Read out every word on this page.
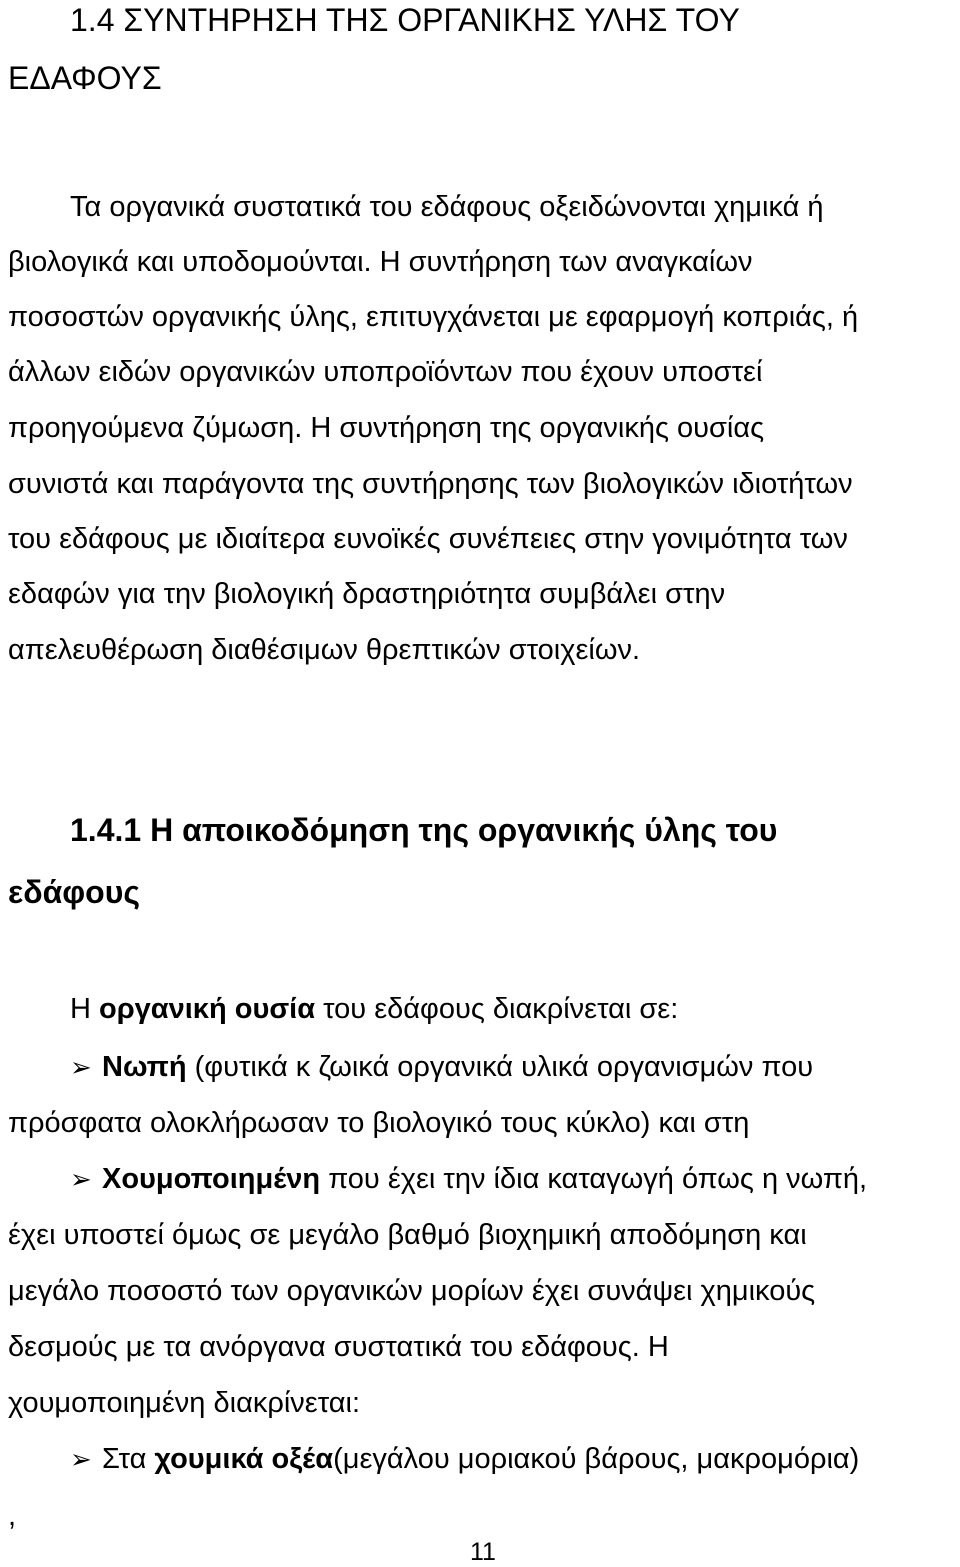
1.4 ΣΥΝΤΗΡΗΣΗ ΤΗΣ ΟΡΓΑΝΙΚΗΣ ΥΛΗΣ ΤΟΥ
ΕΔΑΦΟΥΣ
Τα οργανικά συστατικά του εδάφους οξειδώνονται χημικά ή
βιολογικά και υποδομούνται. Η συντήρηση των αναγκαίων
ποσοστών οργανικής ύλης, επιτυγχάνεται με εφαρμογή κοπριάς, ή
άλλων ειδών οργανικών υποπροϊόντων που έχουν υποστεί
προηγούμενα ζύμωση. Η συντήρηση της οργανικής ουσίας
συνιστά και παράγοντα της συντήρησης των βιολογικών ιδιοτήτων
του εδάφους με ιδιαίτερα ευνοϊκές συνέπειες στην γονιμότητα των
εδαφών για την βιολογική δραστηριότητα συμβάλει στην
απελευθέρωση διαθέσιμων θρεπτικών στοιχείων.
1.4.1 Η αποικοδόμηση της οργανικής ύλης του
εδάφους
Η οργανική ουσία του εδάφους διακρίνεται σε:
➢ Νωπή (φυτικά κ ζωικά οργανικά υλικά οργανισμών που
πρόσφατα ολοκλήρωσαν το βιολογικό τους κύκλο) και στη
➢ Χουμοποιημένη που έχει την ίδια καταγωγή όπως η νωπή,
έχει υποστεί όμως σε μεγάλο βαθμό βιοχημική αποδόμηση και
μεγάλο ποσοστό των οργανικών μορίων έχει συνάψει χημικούς
δεσμούς με τα ανόργανα συστατικά του εδάφους. Η
χουμοποιημένη διακρίνεται:
➢ Στα χουμικά οξέα(μεγάλου μοριακού βάρους, μακρομόρια)
,
11
